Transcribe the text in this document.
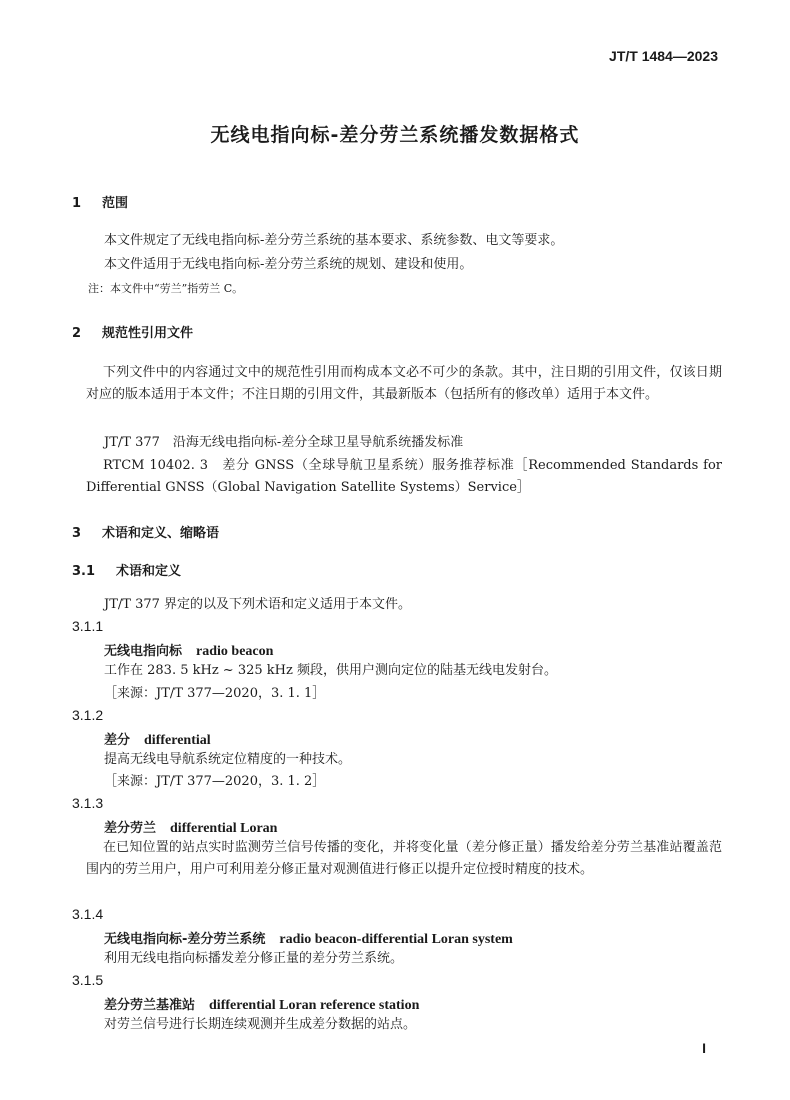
JT/T 1484—2023
无线电指向标-差分劳兰系统播发数据格式
1 范围
本文件规定了无线电指向标-差分劳兰系统的基本要求、系统参数、电文等要求。
本文件适用于无线电指向标-差分劳兰系统的规划、建设和使用。
注：本文件中“劳兰”指劳兰 C。
2 规范性引用文件
下列文件中的内容通过文中的规范性引用而构成本文必不可少的条款。其中，注日期的引用文件，仅该日期对应的版本适用于本文件；不注日期的引用文件，其最新版本（包括所有的修改单）适用于本文件。
JT/T 377　沿海无线电指向标-差分全球卫星导航系统播发标准
RTCM 10402. 3　差分 GNSS（全球导航卫星系统）服务推荐标准［Recommended Standards for Differential GNSS（Global Navigation Satellite Systems）Service］
3 术语和定义、缩略语
3.1 术语和定义
JT/T 377 界定的以及下列术语和定义适用于本文件。
3.1.1
无线电指向标 radio beacon
工作在 283. 5 kHz ~ 325 kHz 频段，供用户测向定位的陆基无线电发射台。
［来源：JT/T 377—2020，3. 1. 1］
3.1.2
差分 differential
提高无线电导航系统定位精度的一种技术。
［来源：JT/T 377—2020，3. 1. 2］
3.1.3
差分劳兰 differential Loran
在已知位置的站点实时监测劳兰信号传播的变化，并将变化量（差分修正量）播发给差分劳兰基准站覆盖范围内的劳兰用户，用户可利用差分修正量对观测值进行修正以提升定位授时精度的技术。
3.1.4
无线电指向标-差分劳兰系统 radio beacon-differential Loran system
利用无线电指向标播发差分修正量的差分劳兰系统。
3.1.5
差分劳兰基准站 differential Loran reference station
对劳兰信号进行长期连续观测并生成差分数据的站点。
I
